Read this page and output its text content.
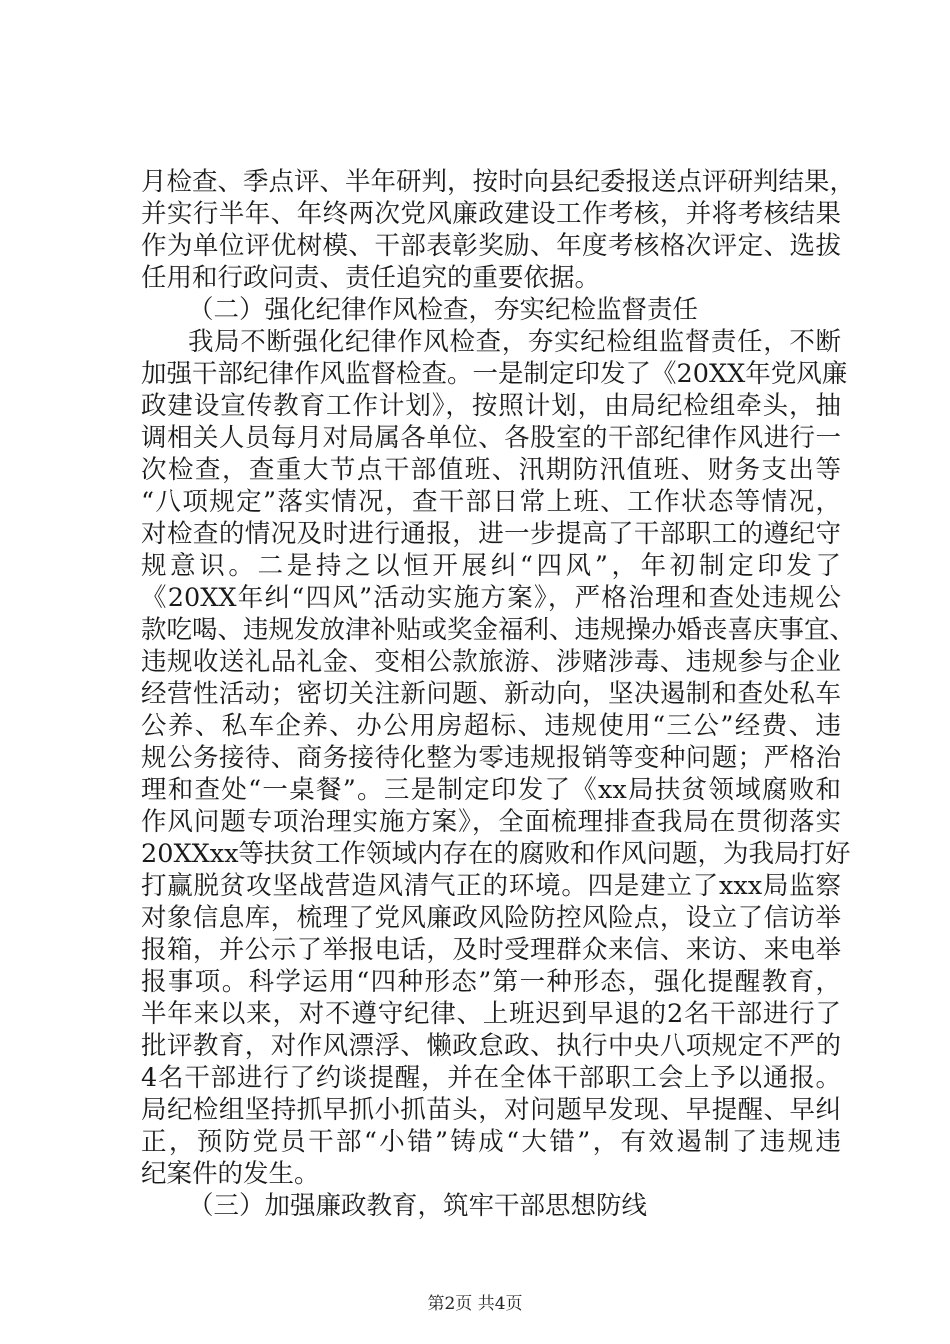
月检查、季点评、半年研判，按时向县纪委报送点评研判结果，
并实行半年、年终两次党风廉政建设工作考核，并将考核结果
作为单位评优树模、干部表彰奖励、年度考核格次评定、选拔
任用和行政问责、责任追究的重要依据。
（二）强化纪律作风检查，夯实纪检监督责任
我局不断强化纪律作风检查，夯实纪检组监督责任，不断
加强干部纪律作风监督检查。一是制定印发了《20XX年党风廉
政建设宣传教育工作计划》，按照计划，由局纪检组牵头，抽
调相关人员每月对局属各单位、各股室的干部纪律作风进行一
次检查，查重大节点干部值班、汛期防汛值班、财务支出等
“八项规定”落实情况，查干部日常上班、工作状态等情况，
对检查的情况及时进行通报，进一步提高了干部职工的遵纪守
规意识。二是持之以恒开展纠“四风”，年初制定印发了
《20XX年纠“四风”活动实施方案》，严格治理和查处违规公
款吃喝、违规发放津补贴或奖金福利、违规操办婚丧喜庆事宜、
违规收送礼品礼金、变相公款旅游、涉赌涉毒、违规参与企业
经营性活动；密切关注新问题、新动向，坚决遏制和查处私车
公养、私车企养、办公用房超标、违规使用“三公”经费、违
规公务接待、商务接待化整为零违规报销等变种问题；严格治
理和查处“一桌餐”。三是制定印发了《xx局扶贫领域腐败和
作风问题专项治理实施方案》，全面梳理排查我局在贯彻落实
20XXxx等扶贫工作领域内存在的腐败和作风问题，为我局打好
打赢脱贫攻坚战营造风清气正的环境。四是建立了xxx局监察
对象信息库，梳理了党风廉政风险防控风险点，设立了信访举
报箱，并公示了举报电话，及时受理群众来信、来访、来电举
报事项。科学运用“四种形态”第一种形态，强化提醒教育，
半年来以来，对不遵守纪律、上班迟到早退的2名干部进行了
批评教育，对作风漂浮、懒政怠政、执行中央八项规定不严的
4名干部进行了约谈提醒，并在全体干部职工会上予以通报。
局纪检组坚持抓早抓小抓苗头，对问题早发现、早提醒、早纠
正，预防党员干部“小错”铸成“大错”，有效遏制了违规违
纪案件的发生。
（三）加强廉政教育，筑牢干部思想防线
第2页 共4页
